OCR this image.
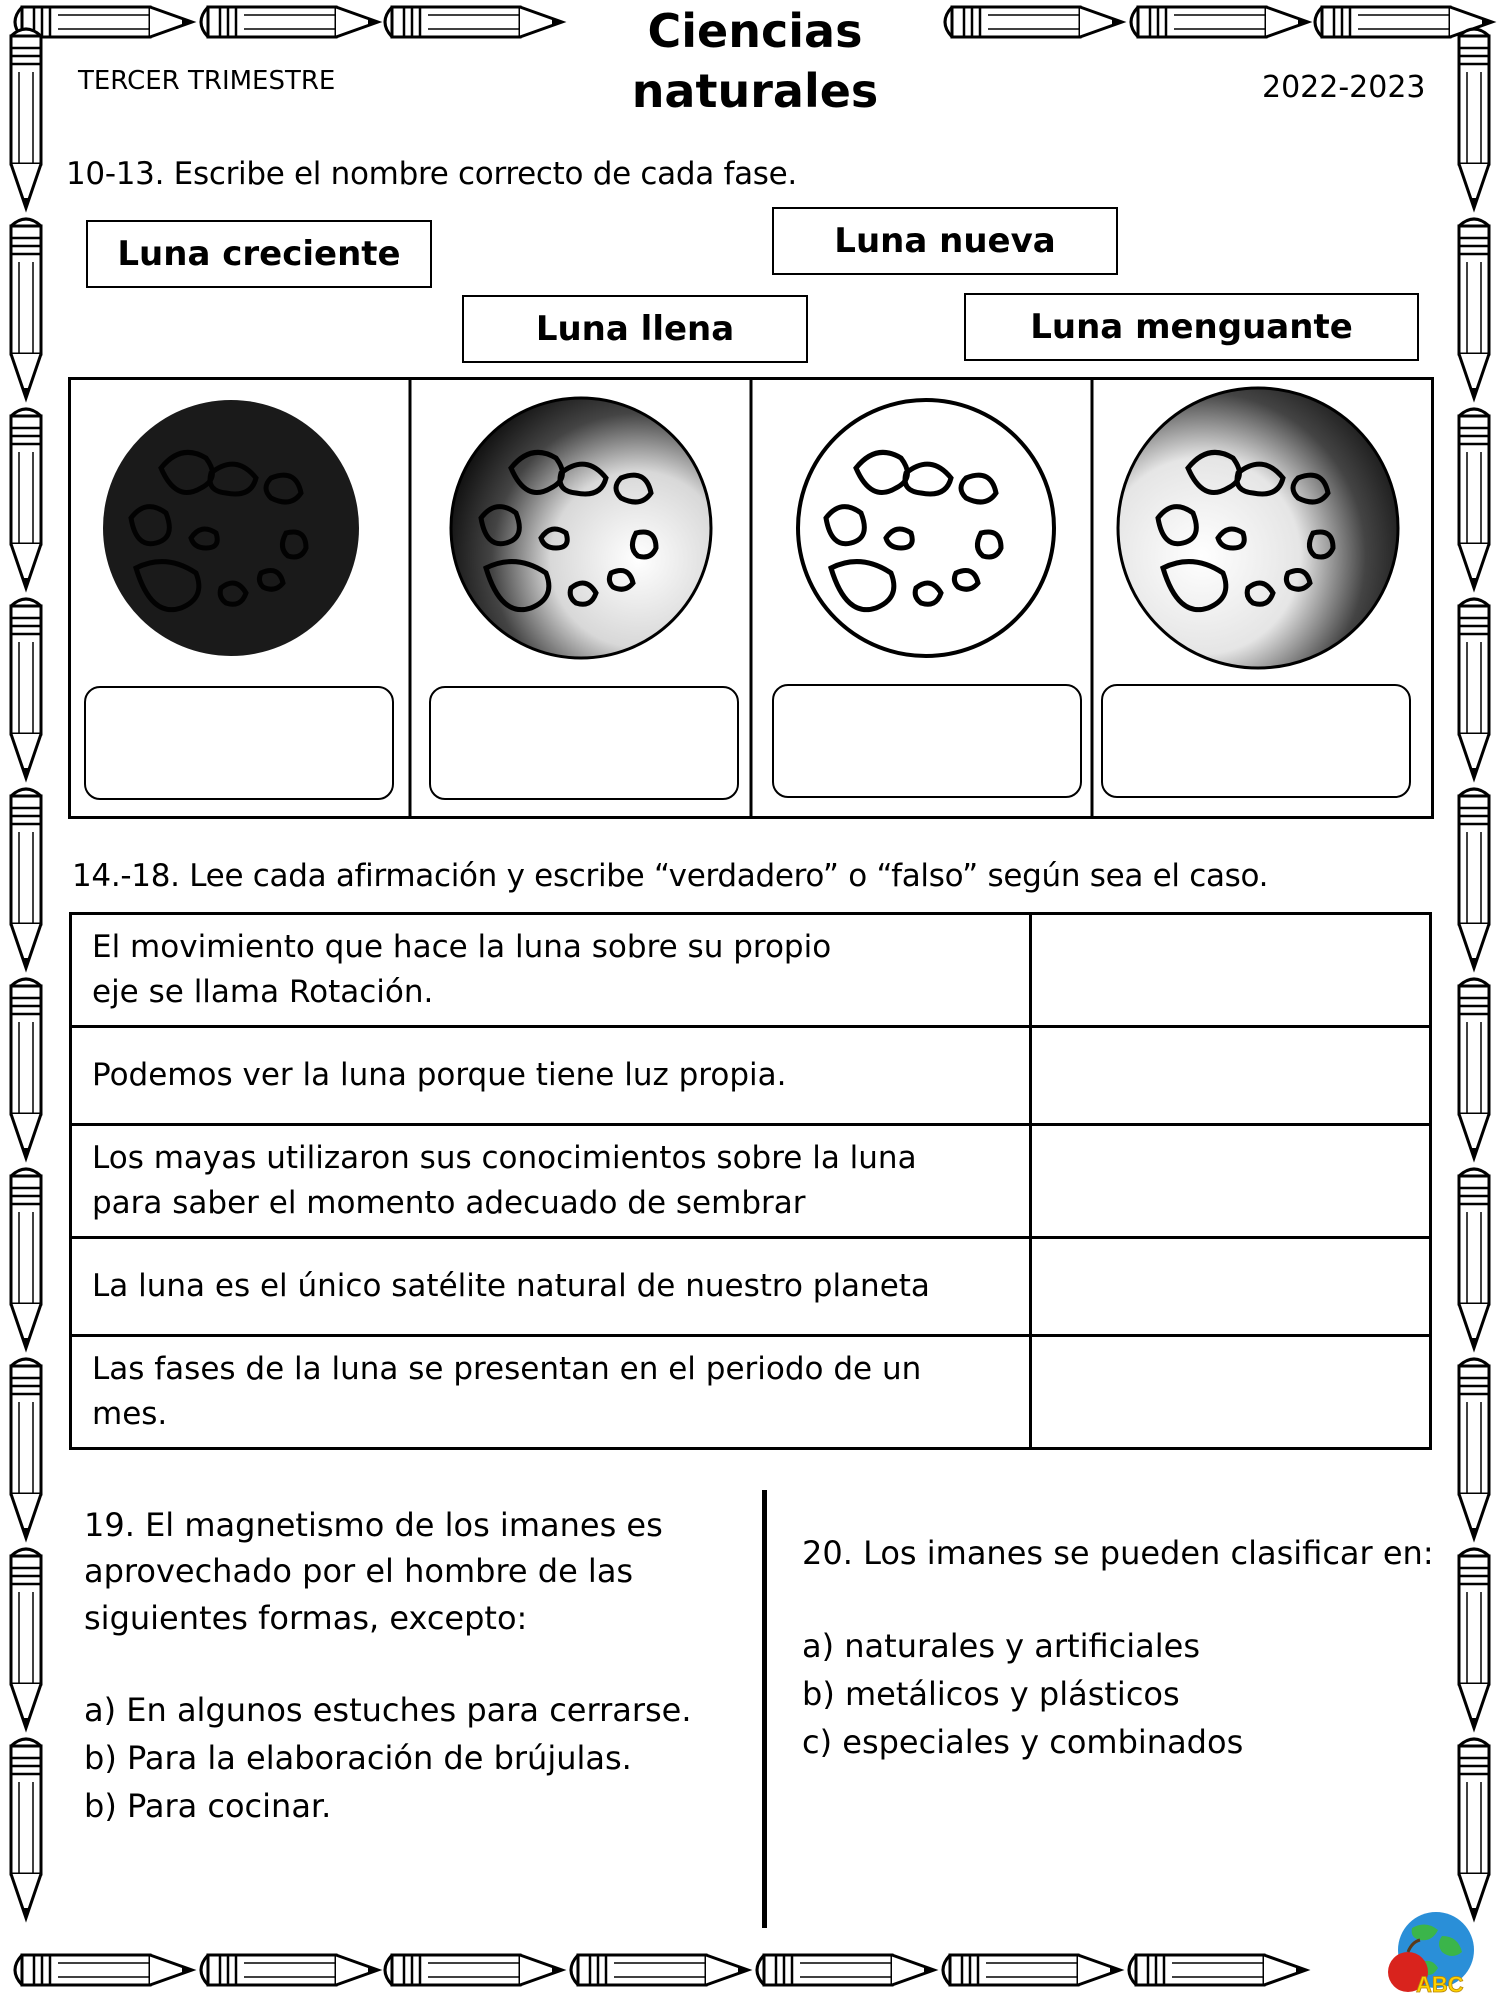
Ciencias
naturales
TERCER TRIMESTRE	2022-2023
10-13. Escribe el nombre correcto de cada fase.
Luna creciente	Luna nueva
Luna llena	Luna menguante
14.-18. Lee cada afirmación y escribe “verdadero” o “falso” según sea el caso.
El movimiento que hace la luna sobre su propio eje se llama Rotación.	

Podemos ver la luna porque tiene luz propia.	

Los mayas utilizaron sus conocimientos sobre la luna para saber el momento adecuado de sembrar	

La luna es el único satélite natural de nuestro planeta	

Las fases de la luna se presentan en el periodo de un mes.	

19. El magnetismo de los imanes es aprovechado por el hombre de las siguientes formas, excepto:
a) En algunos estuches para cerrarse.
b) Para la elaboración de brújulas.
b) Para cocinar.
20. Los imanes se pueden clasificar en:
a) naturales y artificiales
b) metálicos y plásticos
c) especiales y combinados
ABC
